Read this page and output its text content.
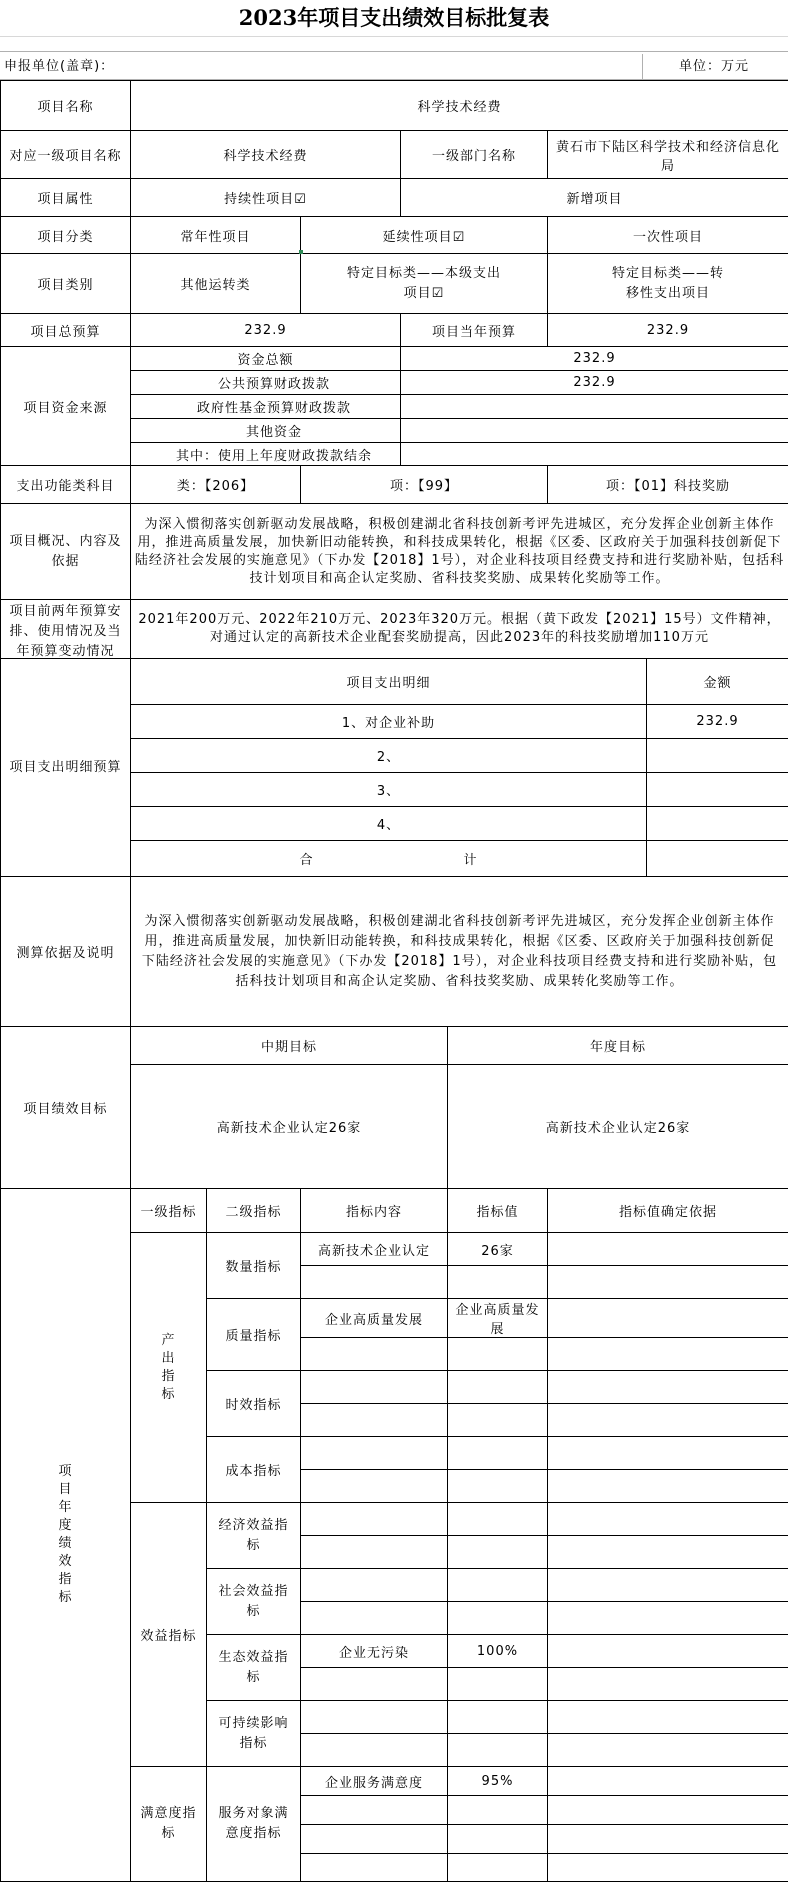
2023年项目支出绩效目标批复表
申报单位(盖章)：	单位：万元
项目名称	科学技术经费						
对应一级项目名称	科学技术经费			一级部门名称		黄石市下陆区科学技术和经济信息化局	
项目属性	持续性项目☑			新增项目			
项目分类	常年性项目		延续性项目☑			一次性项目	
项目类别	其他运转类		特定目标类——本级支出项目☑			特定目标类——转移性支出项目	

项目总预算	232.9			项目当年预算		232.9	
项目资金来源	资金总额			232.9			
	公共预算财政拨款			232.9			
	政府性基金预算财政拨款						
	其他资金						
	其中：使用上年度财政拨款结余						
支出功能类科目	类：【206】		项：【99】			项：【01】科技奖励	

项目概况、内容及依据	为深入惯彻落实创新驱动发展战略，积极创建湖北省科技创新考评先进城区，充分发挥企业创新主体作用，推进高质量发展，加快新旧动能转换，和科技成果转化，根据《区委、区政府关于加强科技创新促下陆经济社会发展的实施意见》（下办发【2018】1号），对企业科技项目经费支持和进行奖励补贴，包括科技计划项目和高企认定奖励、省科技奖奖励、成果转化奖励等工作。						

项目前两年预算安排、使用情况及当年预算变动情况	2021年200万元、2022年210万元、2023年320万元。根据（黄下政发【2021】15号）文件精神，对通过认定的高新技术企业配套奖励提高，因此2023年的科技奖励增加110万元						

项目支出明细预算	项目支出明细						金额
	1、对企业补助						232.9
	2、						
	3、						
	4、						
	合 计						
测算依据及说明	为深入惯彻落实创新驱动发展战略，积极创建湖北省科技创新考评先进城区，充分发挥企业创新主体作用，推进高质量发展，加快新旧动能转换，和科技成果转化，根据《区委、区政府关于加强科技创新促下陆经济社会发展的实施意见》（下办发【2018】1号），对企业科技项目经费支持和进行奖励补贴，包括科技计划项目和高企认定奖励、省科技奖奖励、成果转化奖励等工作。						

项目绩效目标	中期目标				年度目标		
	高新技术企业认定26家				高新技术企业认定26家		
项目年度绩效指标	一级指标	二级指标	指标内容		指标值	指标值确定依据	
	产出指标	数量指标	高新技术企业认定		26家		

		质量指标	企业高质量发展		企业高质量发展		

		时效指标					

		成本指标					

	效益指标	经济效益指标					

		社会效益指标					

		生态效益指标	企业无污染		100%		

		可持续影响指标					

	满意度指标	服务对象满意度指标	企业服务满意度		95%		
